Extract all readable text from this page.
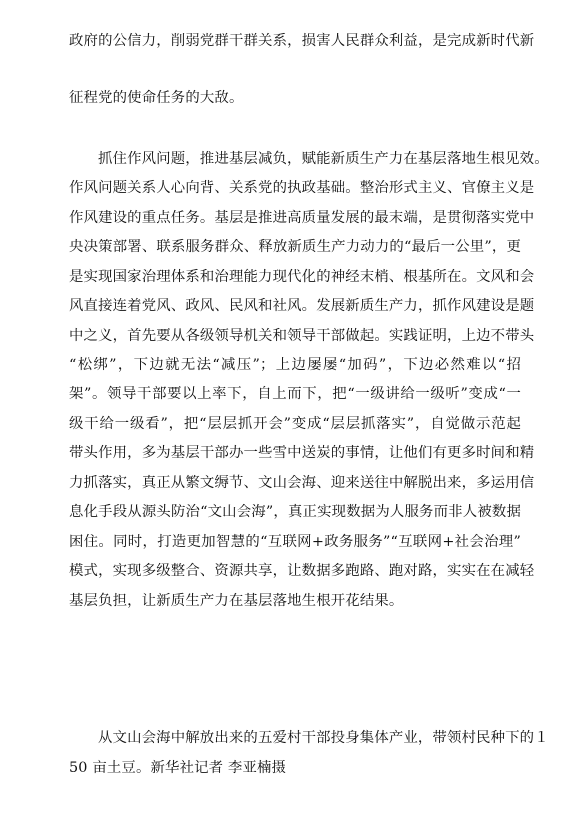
政府的公信力，削弱党群干群关系，损害人民群众利益，是完成新时代新
征程党的使命任务的大敌。
抓住作风问题，推进基层减负，赋能新质生产力在基层落地生根见效。
作风问题关系人心向背、关系党的执政基础。整治形式主义、官僚主义是
作风建设的重点任务。基层是推进高质量发展的最末端，是贯彻落实党中
央决策部署、联系服务群众、释放新质生产力动力的“最后一公里”，更
是实现国家治理体系和治理能力现代化的神经末梢、根基所在。文风和会
风直接连着党风、政风、民风和社风。发展新质生产力，抓作风建设是题
中之义，首先要从各级领导机关和领导干部做起。实践证明，上边不带头
“松绑”，下边就无法“减压”；上边屡屡“加码”，下边必然难以“招
架”。领导干部要以上率下，自上而下，把“一级讲给一级听”变成“一
级干给一级看”，把“层层抓开会”变成“层层抓落实”，自觉做示范起
带头作用，多为基层干部办一些雪中送炭的事情，让他们有更多时间和精
力抓落实，真正从繁文缛节、文山会海、迎来送往中解脱出来，多运用信
息化手段从源头防治“文山会海”，真正实现数据为人服务而非人被数据
困住。同时，打造更加智慧的“互联网+政务服务”“互联网+社会治理”
模式，实现多级整合、资源共享，让数据多跑路、跑对路，实实在在减轻
基层负担，让新质生产力在基层落地生根开花结果。
从文山会海中解放出来的五爱村干部投身集体产业，带领村民种下的１
50 亩土豆。新华社记者 李亚楠摄
